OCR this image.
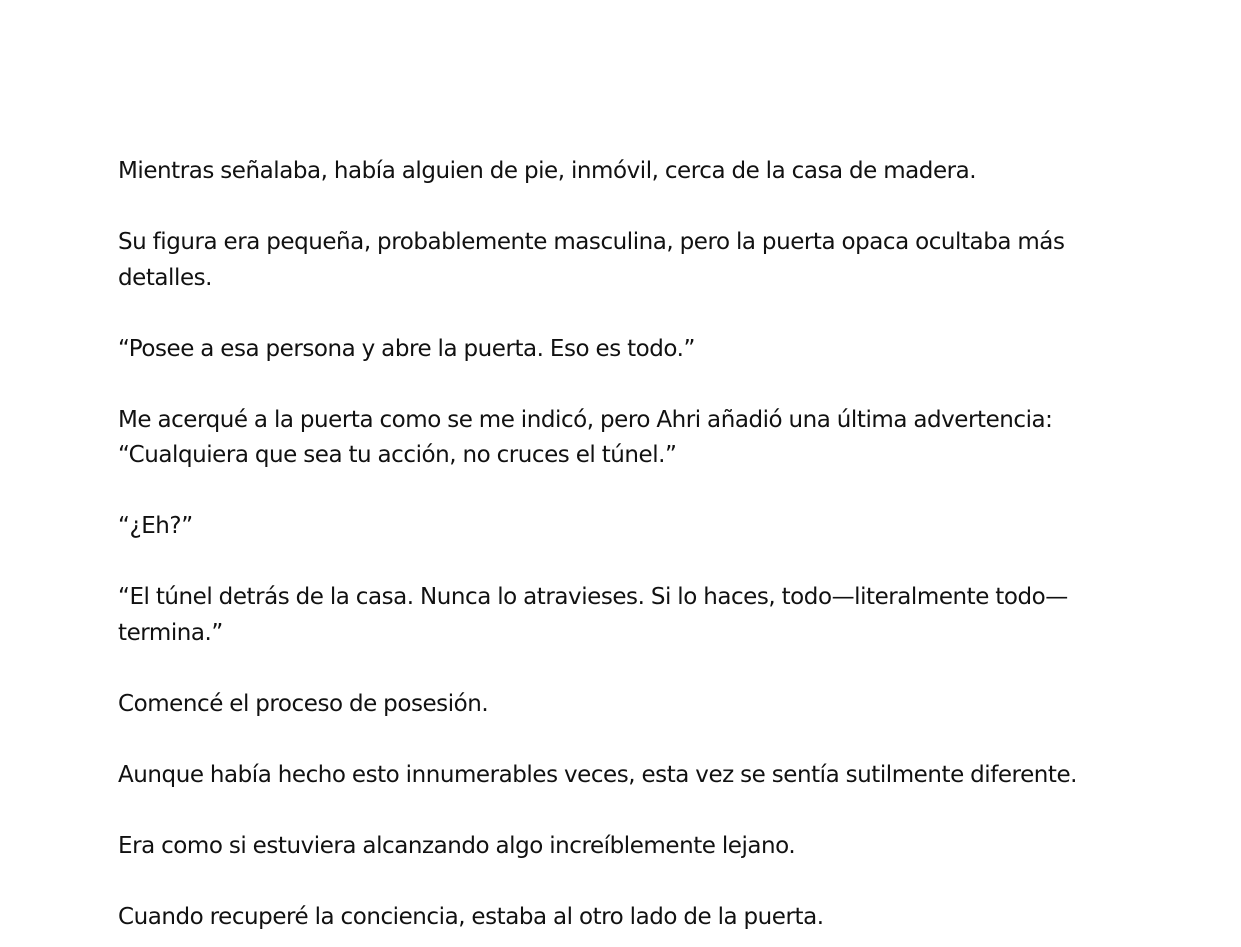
Mientras señalaba, había alguien de pie, inmóvil, cerca de la casa de madera.

Su figura era pequeña, probablemente masculina, pero la puerta opaca ocultaba más detalles.

“Posee a esa persona y abre la puerta. Eso es todo.”

Me acerqué a la puerta como se me indicó, pero Ahri añadió una última advertencia: “Cualquiera que sea tu acción, no cruces el túnel.”

“¿Eh?”

“El túnel detrás de la casa. Nunca lo atravieses. Si lo haces, todo—literalmente todo—termina.”

Comencé el proceso de posesión.

Aunque había hecho esto innumerables veces, esta vez se sentía sutilmente diferente.

Era como si estuviera alcanzando algo increíblemente lejano.

Cuando recuperé la conciencia, estaba al otro lado de la puerta.
